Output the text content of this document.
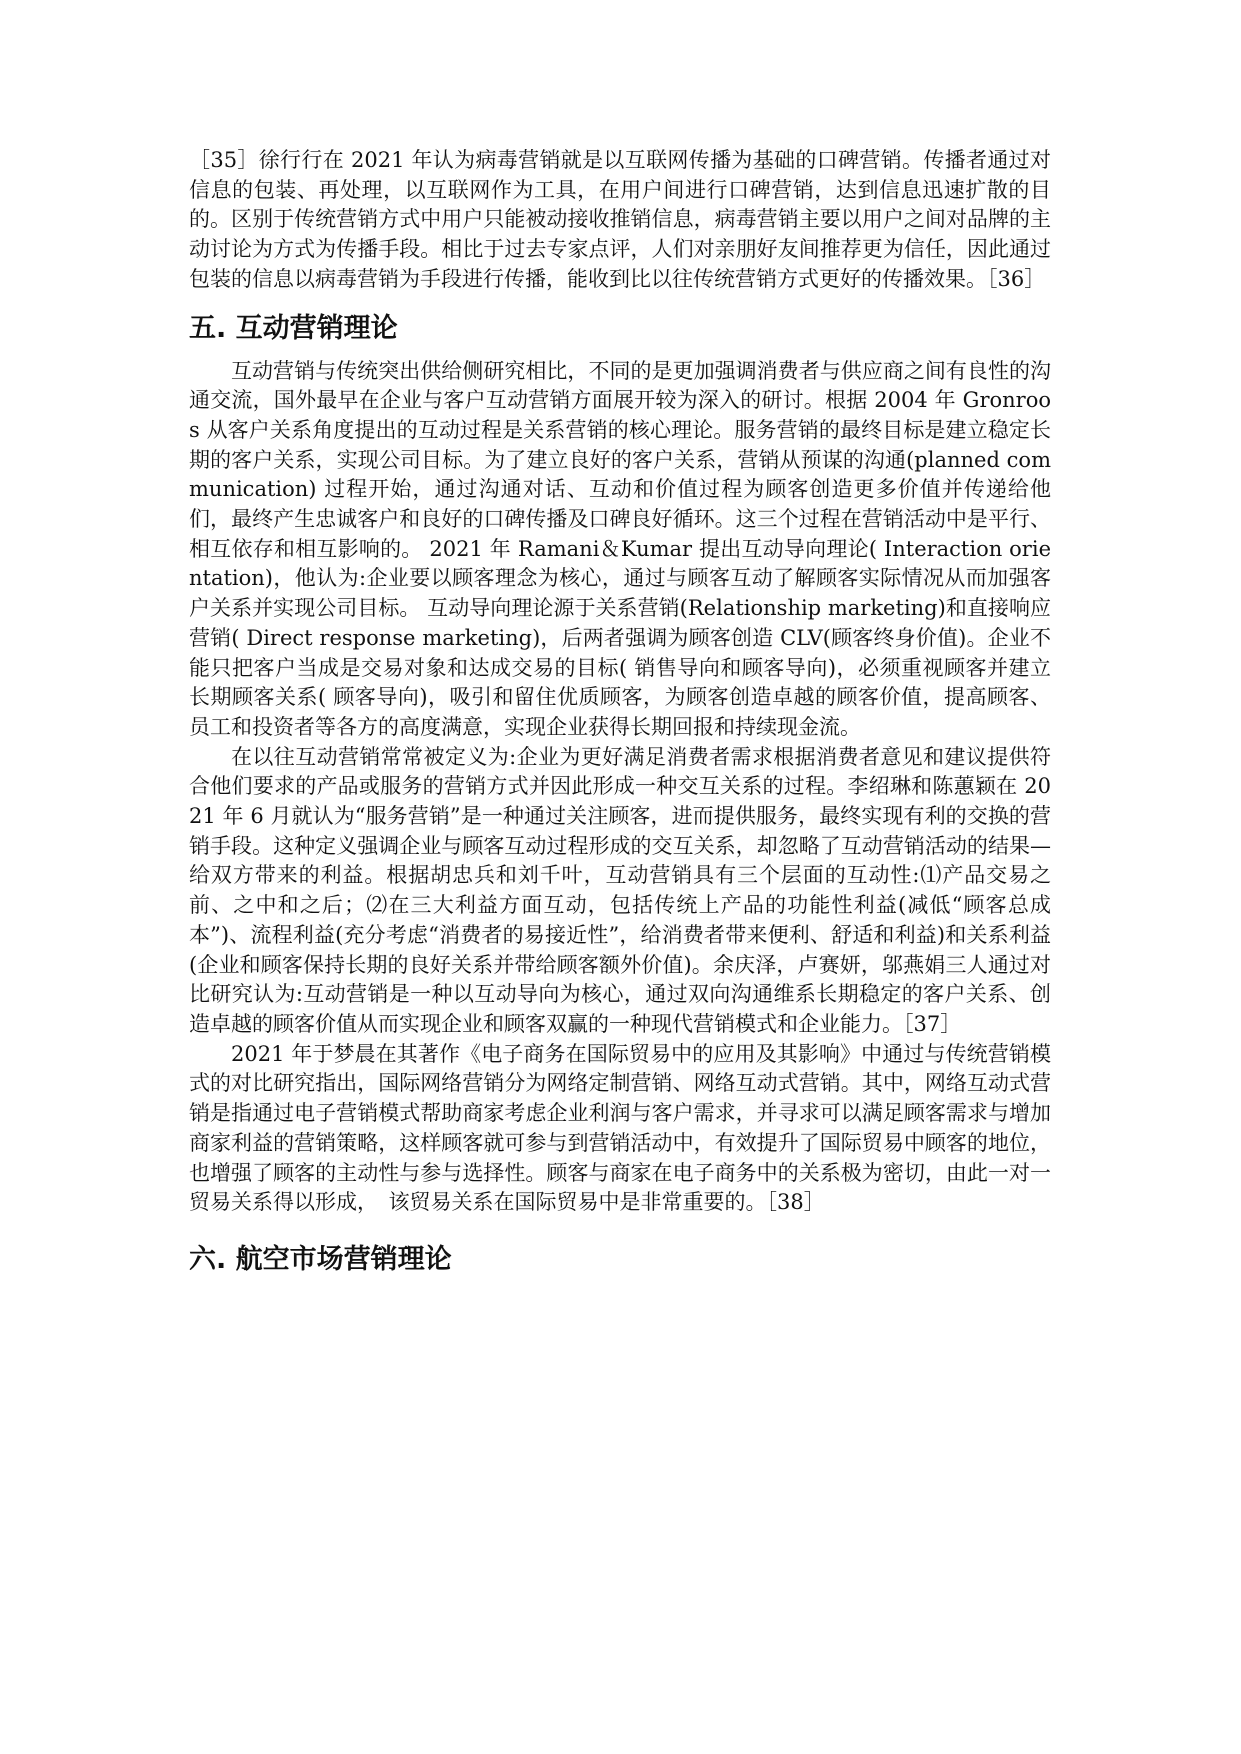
［35］徐行行在 2021 年认为病毒营销就是以互联网传播为基础的口碑营销。传播者通过对信息的包装、再处理，以互联网作为工具，在用户间进行口碑营销，达到信息迅速扩散的目的。区别于传统营销方式中用户只能被动接收推销信息，病毒营销主要以用户之间对品牌的主动讨论为方式为传播手段。相比于过去专家点评，人们对亲朋好友间推荐更为信任，因此通过包装的信息以病毒营销为手段进行传播，能收到比以往传统营销方式更好的传播效果。［36］

五. 互动营销理论

互动营销与传统突出供给侧研究相比，不同的是更加强调消费者与供应商之间有良性的沟通交流，国外最早在企业与客户互动营销方面展开较为深入的研讨。根据 2004 年 Gronroos 从客户关系角度提出的互动过程是关系营销的核心理论。服务营销的最终目标是建立稳定长期的客户关系，实现公司目标。为了建立良好的客户关系，营销从预谋的沟通(planned communication) 过程开始，通过沟通对话、互动和价值过程为顾客创造更多价值并传递给他们，最终产生忠诚客户和良好的口碑传播及口碑良好循环。这三个过程在营销活动中是平行、相互依存和相互影响的。 2021 年 Ramani＆Kumar 提出互动导向理论( Interaction orientation)，他认为:企业要以顾客理念为核心，通过与顾客互动了解顾客实际情况从而加强客户关系并实现公司目标。 互动导向理论源于关系营销(Relationship marketing)和直接响应营销( Direct response marketing)，后两者强调为顾客创造 CLV(顾客终身价值)。企业不能只把客户当成是交易对象和达成交易的目标( 销售导向和顾客导向)，必须重视顾客并建立长期顾客关系( 顾客导向)，吸引和留住优质顾客，为顾客创造卓越的顾客价值，提高顾客、员工和投资者等各方的高度满意，实现企业获得长期回报和持续现金流。

在以往互动营销常常被定义为:企业为更好满足消费者需求根据消费者意见和建议提供符合他们要求的产品或服务的营销方式并因此形成一种交互关系的过程。李绍琳和陈蕙颖在 2021 年 6 月就认为“服务营销”是一种通过关注顾客，进而提供服务，最终实现有利的交换的营销手段。这种定义强调企业与顾客互动过程形成的交互关系，却忽略了互动营销活动的结果—给双方带来的利益。根据胡忠兵和刘千叶，互动营销具有三个层面的互动性:⑴产品交易之前、之中和之后；⑵在三大利益方面互动，包括传统上产品的功能性利益(减低“顾客总成本”)、流程利益(充分考虑“消费者的易接近性”，给消费者带来便利、舒适和利益)和关系利益(企业和顾客保持长期的良好关系并带给顾客额外价值)。余庆泽，卢赛妍，邬燕娟三人通过对比研究认为:互动营销是一种以互动导向为核心，通过双向沟通维系长期稳定的客户关系、创造卓越的顾客价值从而实现企业和顾客双赢的一种现代营销模式和企业能力。［37］

2021 年于梦晨在其著作《电子商务在国际贸易中的应用及其影响》中通过与传统营销模式的对比研究指出，国际网络营销分为网络定制营销、网络互动式营销。其中，网络互动式营销是指通过电子营销模式帮助商家考虑企业利润与客户需求，并寻求可以满足顾客需求与增加商家利益的营销策略，这样顾客就可参与到营销活动中，有效提升了国际贸易中顾客的地位，也增强了顾客的主动性与参与选择性。顾客与商家在电子商务中的关系极为密切，由此一对一贸易关系得以形成，　该贸易关系在国际贸易中是非常重要的。［38］

六. 航空市场营销理论
